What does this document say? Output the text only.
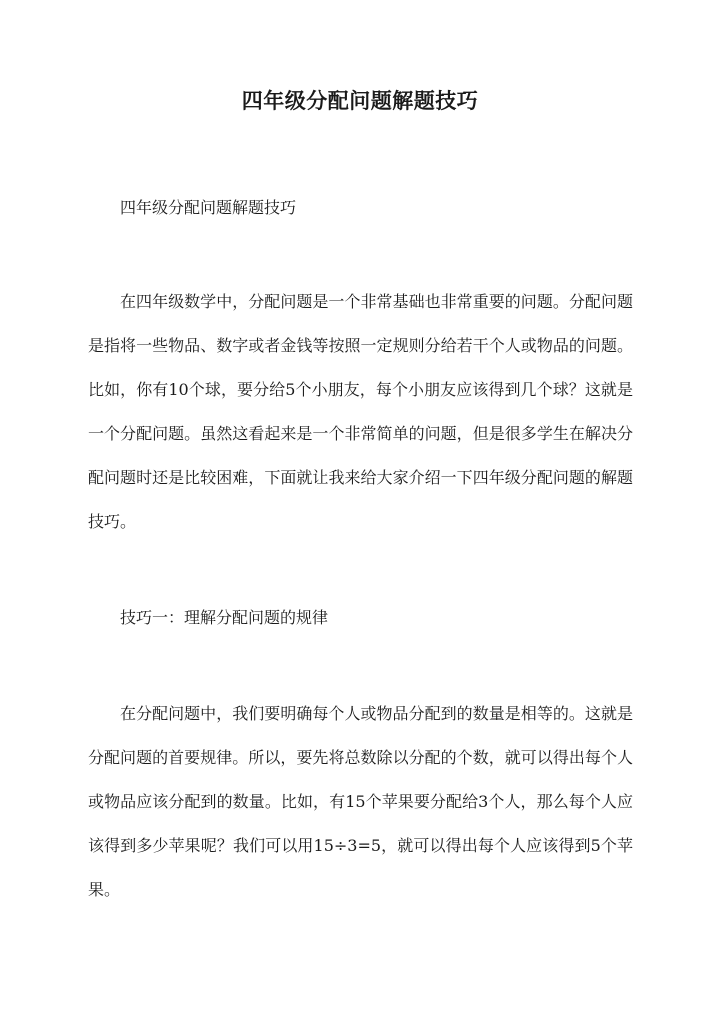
四年级分配问题解题技巧

四年级分配问题解题技巧

在四年级数学中，分配问题是一个非常基础也非常重要的问题。分配问题是指将一些物品、数字或者金钱等按照一定规则分给若干个人或物品的问题。比如，你有10个球，要分给5个小朋友，每个小朋友应该得到几个球？这就是一个分配问题。虽然这看起来是一个非常简单的问题，但是很多学生在解决分配问题时还是比较困难，下面就让我来给大家介绍一下四年级分配问题的解题技巧。

技巧一：理解分配问题的规律

在分配问题中，我们要明确每个人或物品分配到的数量是相等的。这就是分配问题的首要规律。所以，要先将总数除以分配的个数，就可以得出每个人或物品应该分配到的数量。比如，有15个苹果要分配给3个人，那么每个人应该得到多少苹果呢？我们可以用15÷3=5，就可以得出每个人应该得到5个苹果。
